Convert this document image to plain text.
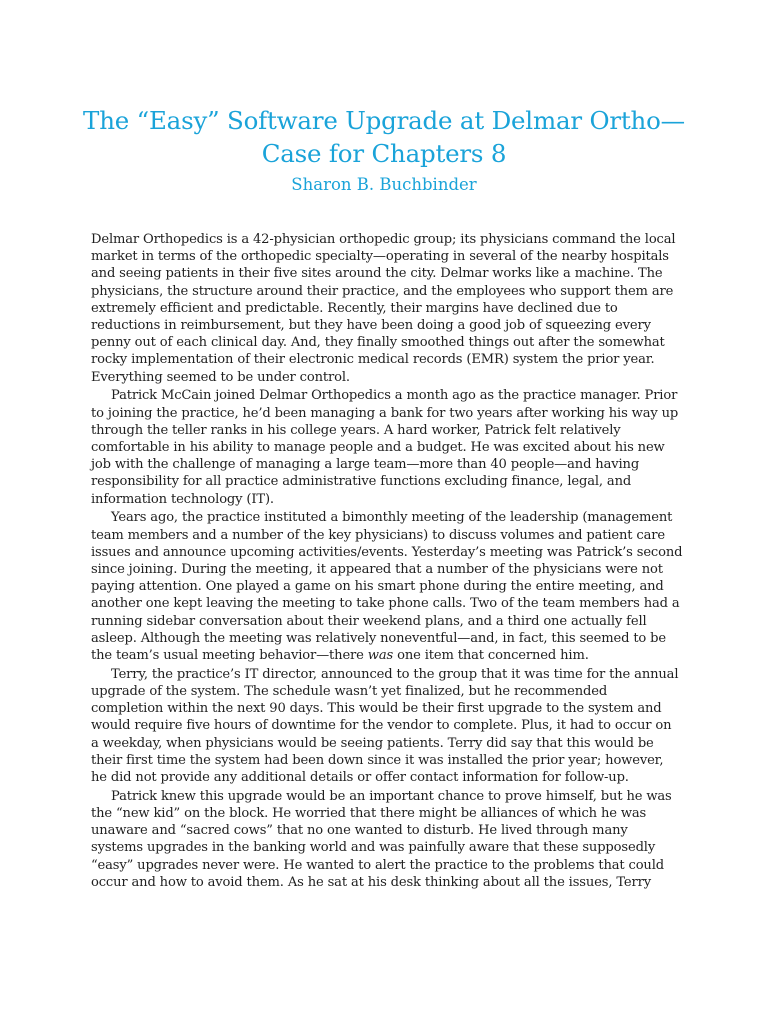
The “Easy” Software Upgrade at Delmar Ortho—
Case for Chapters 8
Sharon B. Buchbinder

Delmar Orthopedics is a 42-physician orthopedic group; its physicians command the local market in terms of the orthopedic specialty—operating in several of the nearby hospitals and seeing patients in their five sites around the city. Delmar works like a machine. The physicians, the structure around their practice, and the employees who support them are extremely efficient and predictable. Recently, their margins have declined due to reductions in reimbursement, but they have been doing a good job of squeezing every penny out of each clinical day. And, they finally smoothed things out after the somewhat rocky implementation of their electronic medical records (EMR) system the prior year. Everything seemed to be under control.

Patrick McCain joined Delmar Orthopedics a month ago as the practice manager. Prior to joining the practice, he’d been managing a bank for two years after working his way up through the teller ranks in his college years. A hard worker, Patrick felt relatively comfortable in his ability to manage people and a budget. He was excited about his new job with the challenge of managing a large team—more than 40 people—and having responsibility for all practice administrative functions excluding finance, legal, and information technology (IT).

Years ago, the practice instituted a bimonthly meeting of the leadership (management team members and a number of the key physicians) to discuss volumes and patient care issues and announce upcoming activities/events. Yesterday’s meeting was Patrick’s second since joining. During the meeting, it appeared that a number of the physicians were not paying attention. One played a game on his smart phone during the entire meeting, and another one kept leaving the meeting to take phone calls. Two of the team members had a running sidebar conversation about their weekend plans, and a third one actually fell asleep. Although the meeting was relatively noneventful—and, in fact, this seemed to be the team’s usual meeting behavior—there was one item that concerned him.

Terry, the practice’s IT director, announced to the group that it was time for the annual upgrade of the system. The schedule wasn’t yet finalized, but he recommended completion within the next 90 days. This would be their first upgrade to the system and would require five hours of downtime for the vendor to complete. Plus, it had to occur on a weekday, when physicians would be seeing patients. Terry did say that this would be their first time the system had been down since it was installed the prior year; however, he did not provide any additional details or offer contact information for follow-up.

Patrick knew this upgrade would be an important chance to prove himself, but he was the “new kid” on the block. He worried that there might be alliances of which he was unaware and “sacred cows” that no one wanted to disturb. He lived through many systems upgrades in the banking world and was painfully aware that these supposedly “easy” upgrades never were. He wanted to alert the practice to the problems that could occur and how to avoid them. As he sat at his desk thinking about all the issues, Terry
